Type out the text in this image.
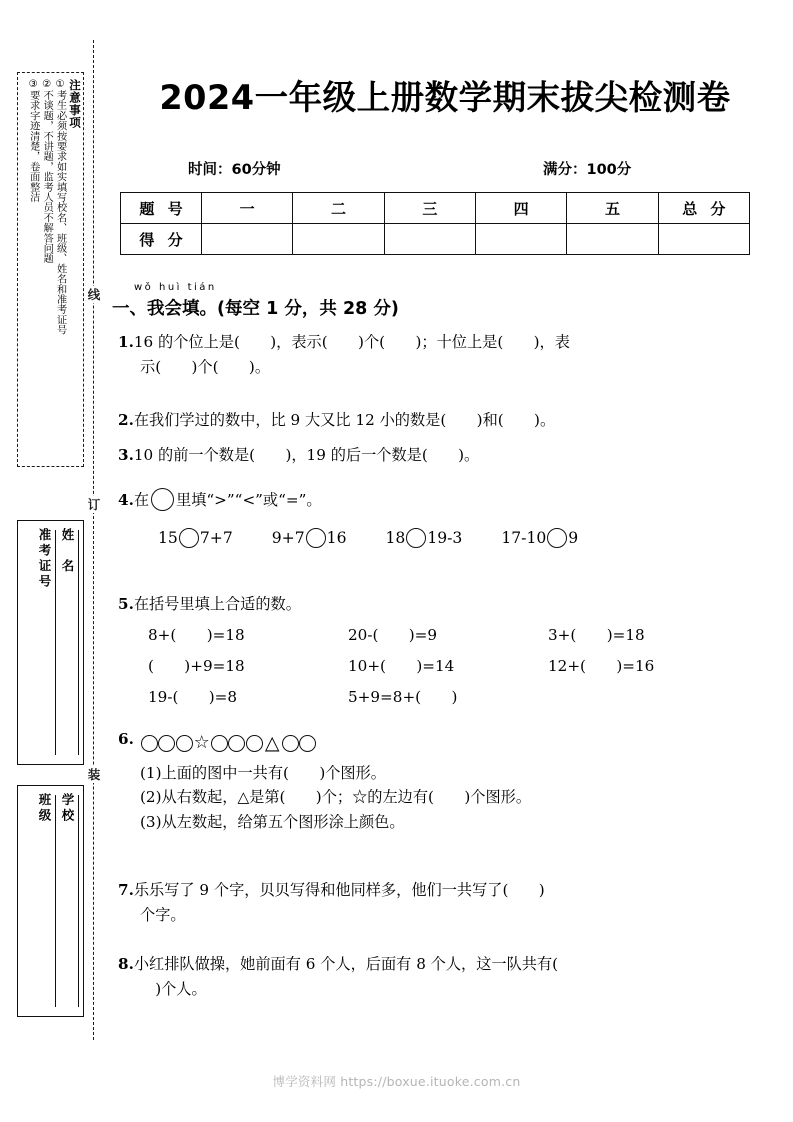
线
订
装
注意事项
①考生必须按要求如实填写校名、班级、姓名和准考证号
②不谈题，不讲题，监考人员不解答问题
③要求字迹清楚，卷面整洁
姓　名
准考证号
学校
班级
2024一年级上册数学期末拔尖检测卷
时间：60分钟	满分：100分
题 号	一	二	三	四	五	总 分
得 分						
wǒ huì tián
一、我会填。(每空 1 分，共 28 分)
1.16 的个位上是(　　)，表示(　　)个(　　)；十位上是(　　)，表
示(　　)个(　　)。
2.在我们学过的数中，比 9 大又比 12 小的数是(　　)和(　　)。
3.10 的前一个数是(　　)，19 的后一个数是(　　)。
4.在 里填“>”“<”或“=”。
15 7+7 9+7 16 18 19-3 17-10 9
5.在括号里填上合适的数。
8+(　　)=18	20-(　　)=9	3+(　　)=18
(　　)+9=18	10+(　　)=14	12+(　　)=16
19-(　　)=8	5+9=8+(　　)
6.	☆	△
(1)上面的图中一共有(　　)个图形。
(2)从右数起，△是第(　　)个；☆的左边有(　　)个图形。
(3)从左数起，给第五个图形涂上颜色。
7.乐乐写了 9 个字，贝贝写得和他同样多，他们一共写了(　　)
个字。
8.小红排队做操，她前面有 6 个人，后面有 8 个人，这一队共有(
　)个人。
博学资料网 https://boxue.ituoke.com.cn
